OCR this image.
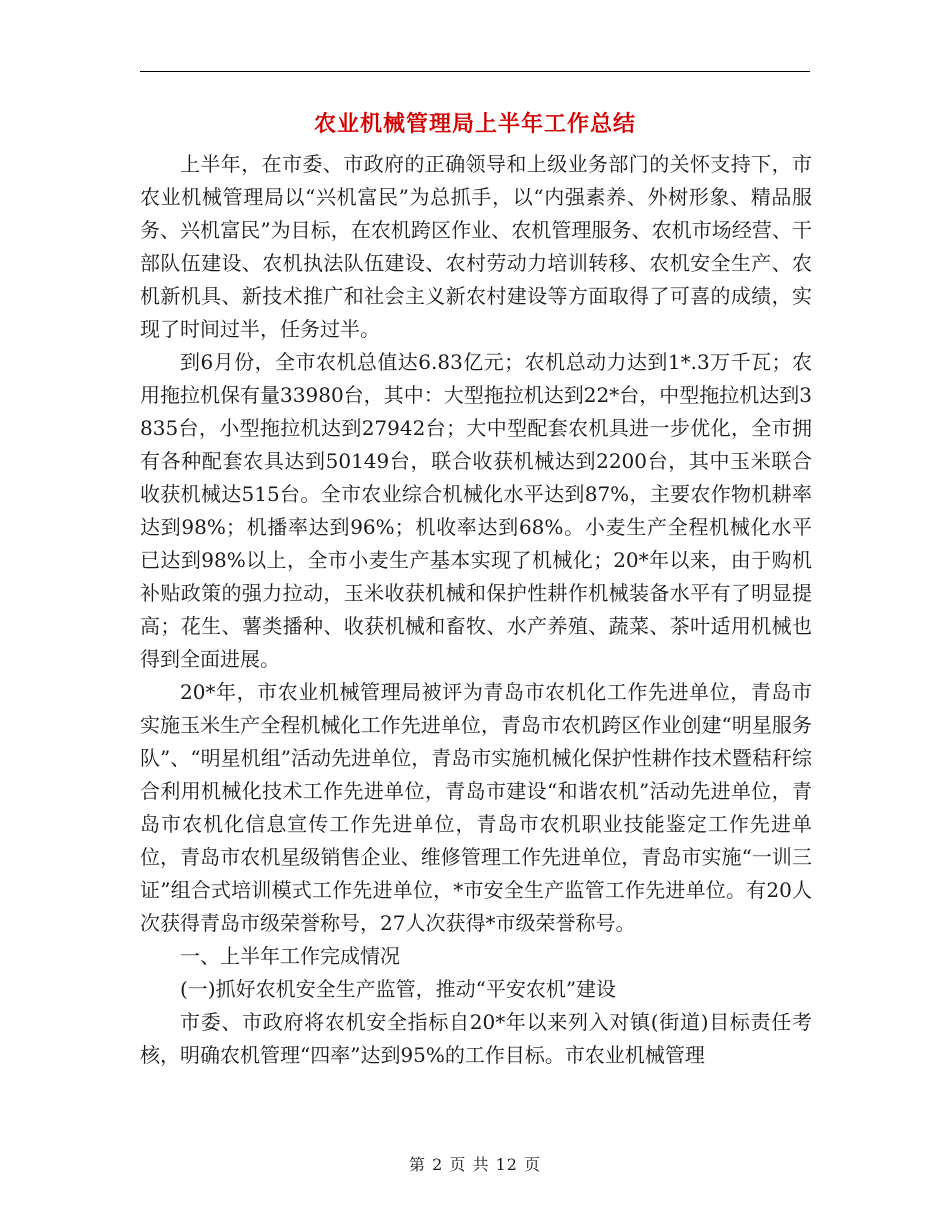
农业机械管理局上半年工作总结

上半年，在市委、市政府的正确领导和上级业务部门的关怀支持下，市农业机械管理局以“兴机富民”为总抓手，以“内强素养、外树形象、精品服务、兴机富民”为目标，在农机跨区作业、农机管理服务、农机市场经营、干部队伍建设、农机执法队伍建设、农村劳动力培训转移、农机安全生产、农机新机具、新技术推广和社会主义新农村建设等方面取得了可喜的成绩，实现了时间过半，任务过半。

到6月份，全市农机总值达6.83亿元；农机总动力达到1*.3万千瓦；农用拖拉机保有量33980台，其中：大型拖拉机达到22*台，中型拖拉机达到3835台，小型拖拉机达到27942台；大中型配套农机具进一步优化，全市拥有各种配套农具达到50149台，联合收获机械达到2200台，其中玉米联合收获机械达515台。全市农业综合机械化水平达到87%，主要农作物机耕率达到98%；机播率达到96%；机收率达到68%。小麦生产全程机械化水平已达到98%以上，全市小麦生产基本实现了机械化；20*年以来，由于购机补贴政策的强力拉动，玉米收获机械和保护性耕作机械装备水平有了明显提高；花生、薯类播种、收获机械和畜牧、水产养殖、蔬菜、茶叶适用机械也得到全面进展。

20*年，市农业机械管理局被评为青岛市农机化工作先进单位，青岛市实施玉米生产全程机械化工作先进单位，青岛市农机跨区作业创建“明星服务队”、“明星机组”活动先进单位，青岛市实施机械化保护性耕作技术暨秸秆综合利用机械化技术工作先进单位，青岛市建设“和谐农机”活动先进单位，青岛市农机化信息宣传工作先进单位，青岛市农机职业技能鉴定工作先进单位，青岛市农机星级销售企业、维修管理工作先进单位，青岛市实施“一训三证”组合式培训模式工作先进单位，*市安全生产监管工作先进单位。有20人次获得青岛市级荣誉称号，27人次获得*市级荣誉称号。

一、上半年工作完成情况

(一)抓好农机安全生产监管，推动“平安农机”建设

市委、市政府将农机安全指标自20*年以来列入对镇(街道)目标责任考核，明确农机管理“四率”达到95%的工作目标。市农业机械管理

第 2 页 共 12 页
